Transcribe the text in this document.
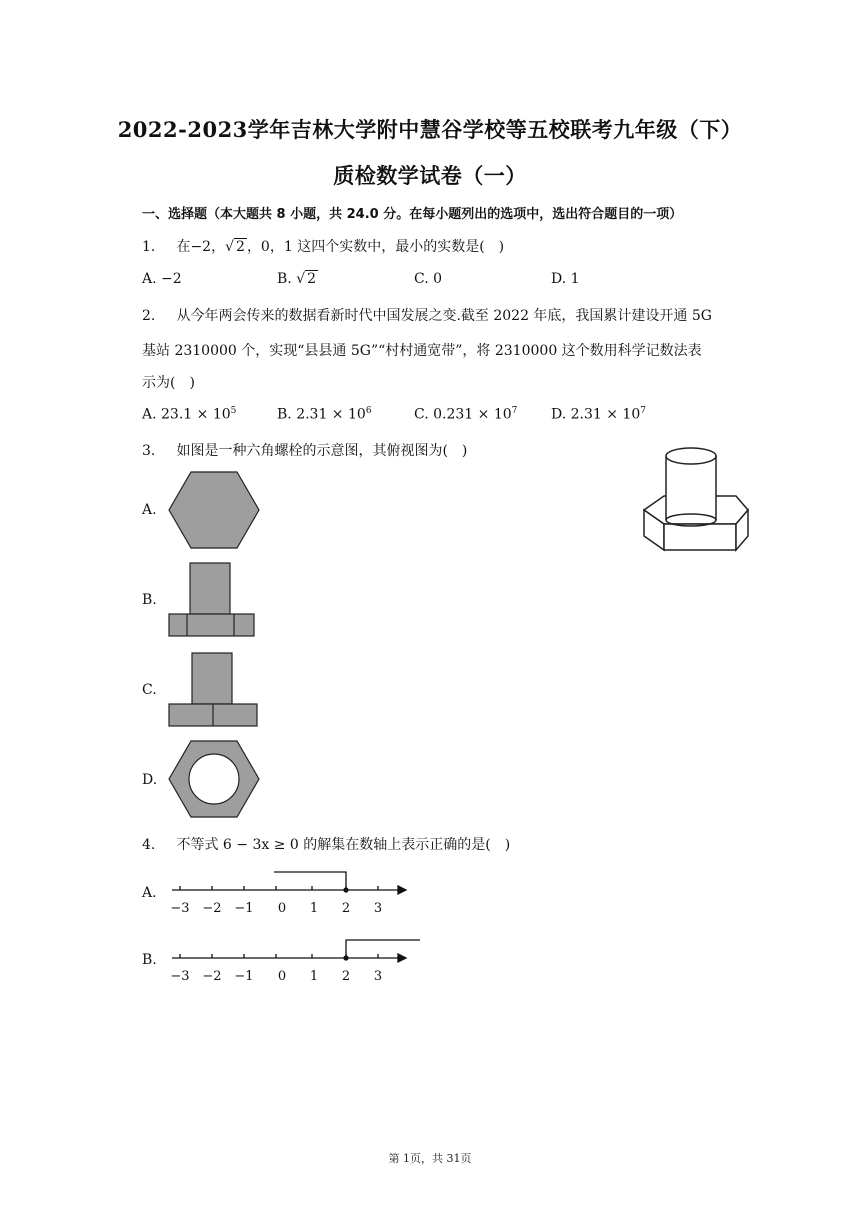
2022-2023学年吉林大学附中慧谷学校等五校联考九年级（下）
质检数学试卷（一）
一、选择题（本大题共 8 小题，共 24.0 分。在每小题列出的选项中，选出符合题目的一项）
1. 在−2，√ 2 ，0，1 这四个实数中，最小的实数是(　)
A. −2	B. √ 2	C. 0	D. 1
2. 从今年两会传来的数据看新时代中国发展之变.截至 2022 年底，我国累计建设开通 5G
基站 2310000 个，实现“县县通 5G”“村村通宽带”，将 2310000 这个数用科学记数法表
示为(　)
A. $23.1 \times 10^5$	B. $2.31 \times 10^6$	C. $0.231 \times 10^7$ D. $2.31 \times 10^7$
3. 如图是一种六角螺栓的示意图，其俯视图为(　)
A.
B.
C.
D.
4. 不等式 6 − 3x ≥ 0 的解集在数轴上表示正确的是(　)
A.
−3 −2 −1 0 1 2 3
B.
−3 −2 −1 0 1 2 3
第 1页，共 31页
